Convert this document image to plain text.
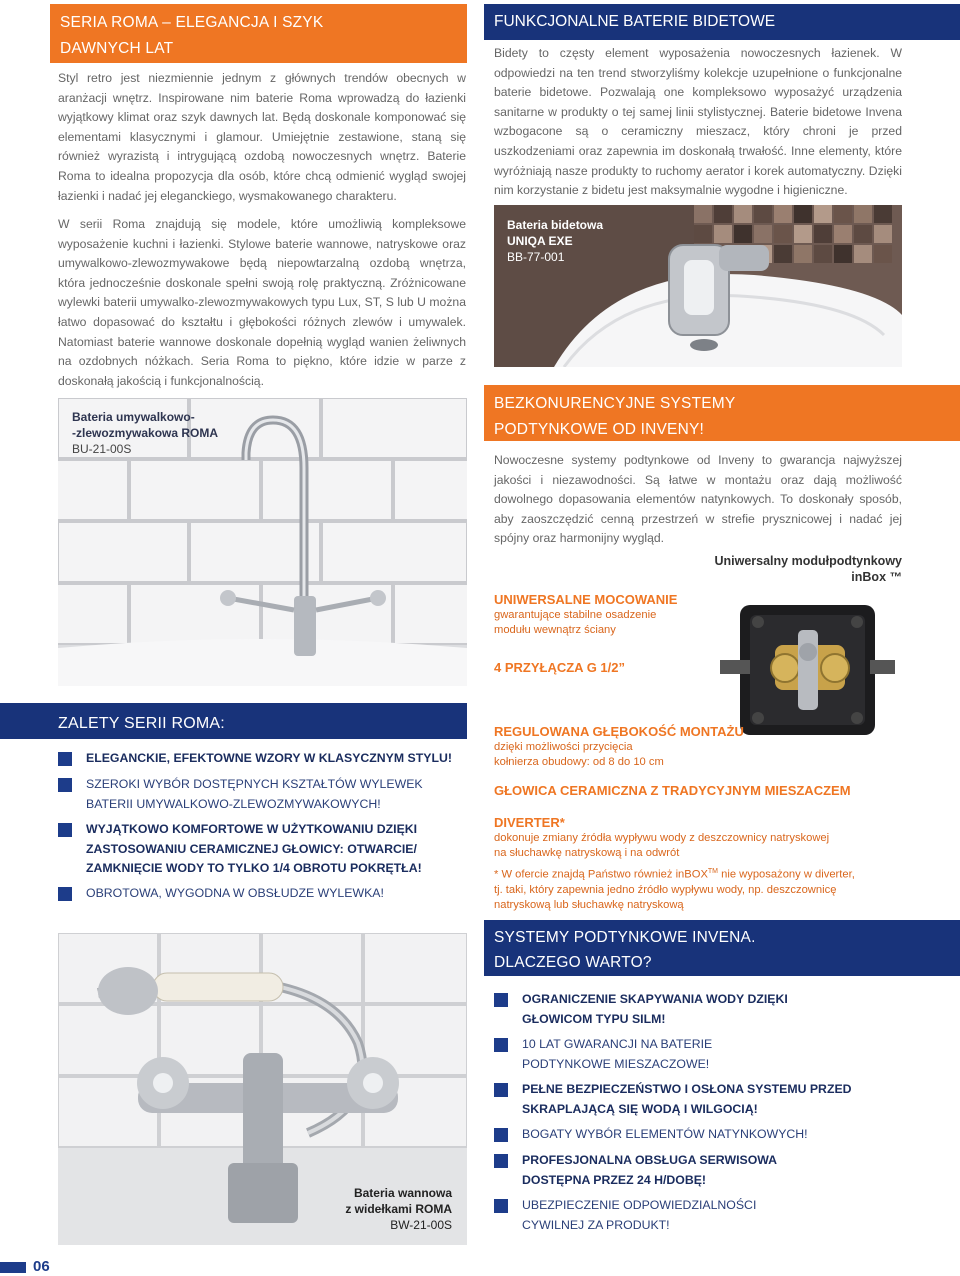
SERIA ROMA – ELEGANCJA I SZYK
DAWNYCH LAT

Styl retro jest niezmiennie jednym z głównych trendów obecnych w aranżacji wnętrz. Inspirowane nim baterie Roma wprowadzą do łazienki wyjątkowy klimat oraz szyk dawnych lat. Będą doskonale komponować się elementami klasycznymi i glamour. Umiejętnie zestawione, staną się również wyrazistą i intrygującą ozdobą nowoczesnych wnętrz. Baterie Roma to idealna propozycja dla osób, które chcą odmienić wygląd swojej łazienki i nadać jej eleganckiego, wysmakowanego charakteru.

W serii Roma znajdują się modele, które umożliwią kompleksowe wyposażenie kuchni i łazienki. Stylowe baterie wannowe, natryskowe oraz umywalkowo-zlewozmywakowe będą niepowtarzalną ozdobą wnętrza, która jednocześnie doskonale spełni swoją rolę praktyczną. Zróżnicowane wylewki baterii umywalko-zlewozmywakowych typu Lux, ST, S lub U można łatwo dopasować do kształtu i głębokości różnych zlewów i umywalek. Natomiast baterie wannowe doskonale dopełnią wygląd wanien żeliwnych na ozdobnych nóżkach. Seria Roma to piękno, które idzie w parze z doskonałą jakością i funkcjonalnością.

Bateria umywalkowo-
-zlewozmywakowa ROMA
BU-21-00S
ZALETY SERII ROMA:
ELEGANCKIE, EFEKTOWNE WZORY W KLASYCZNYM STYLU!
SZEROKI WYBÓR DOSTĘPNYCH KSZTAŁTÓW WYLEWEK BATERII UMYWALKOWO-ZLEWOZMYWAKOWYCH!
WYJĄTKOWO KOMFORTOWE W UŻYTKOWANIU DZIĘKI ZASTOSOWANIU CERAMICZNEJ GŁOWICY: OTWARCIE/ ZAMKNIĘCIE WODY TO TYLKO 1/4 OBROTU POKRĘTŁA!
OBROTOWA, WYGODNA W OBSŁUDZE WYLEWKA!
Bateria wannowa
z widełkami ROMA
BW-21-00S
06
FUNKCJONALNE BATERIE BIDETOWE

Bidety to częsty element wyposażenia nowoczesnych łazienek. W odpowiedzi na ten trend stworzyliśmy kolekcje uzupełnione o funkcjonalne baterie bidetowe. Pozwalają one kompleksowo wyposażyć urządzenia sanitarne w produkty o tej samej linii stylistycznej. Baterie bidetowe Invena wzbogacone są o ceramiczny mieszacz, który chroni je przed uszkodzeniami oraz zapewnia im doskonałą trwałość. Inne elementy, które wyróżniają nasze produkty to ruchomy aerator i korek automatyczny. Dzięki nim korzystanie z bidetu jest maksymalnie wygodne i higieniczne.

Bateria bidetowa
UNIQA EXE
BB-77-001
BEZKONURENCYJNE SYSTEMY
PODTYNKOWE OD INVENY!

Nowoczesne systemy podtynkowe od Inveny to gwarancja najwyższej jakości i niezawodności. Są łatwe w montażu oraz dają możliwość dowolnego dopasowania elementów natynkowych. To doskonały sposób, aby zaoszczędzić cenną przestrzeń w strefie prysznicowej i nadać jej spójny oraz harmonijny wygląd.

Uniwersalny modułpodtynkowy
inBox ™
UNIWERSALNE MOCOWANIE
gwarantujące stabilne osadzenie
modułu wewnątrz ściany
4 PRZYŁĄCZA G 1/2”
REGULOWANA GŁĘBOKOŚĆ MONTAŻU
dzięki możliwości przycięcia
kołnierza obudowy: od 8 do 10 cm
GŁOWICA CERAMICZNA Z TRADYCYJNYM MIESZACZEM
DIVERTER*
dokonuje zmiany źródła wypływu wody z deszczownicy natryskowej
na słuchawkę natryskową i na odwrót
* W ofercie znajdą Państwo również inBOX™ nie wyposażony w diverter,
tj. taki, który zapewnia jedno źródło wypływu wody, np. deszczownicę
natryskową lub słuchawkę natryskową
SYSTEMY PODTYNKOWE INVENA.
DLACZEGO WARTO?
OGRANICZENIE SKAPYWANIA WODY DZIĘKI
GŁOWICOM TYPU SILM!
10 LAT GWARANCJI NA BATERIE
PODTYNKOWE MIESZACZOWE!
PEŁNE BEZPIECZEŃSTWO I OSŁONA SYSTEMU PRZED
SKRAPLAJĄCĄ SIĘ WODĄ I WILGOCIĄ!
BOGATY WYBÓR ELEMENTÓW NATYNKOWYCH!
PROFESJONALNA OBSŁUGA SERWISOWA
DOSTĘPNA PRZEZ 24 H/DOBĘ!
UBEZPIECZENIE ODPOWIEDZIALNOŚCI
CYWILNEJ ZA PRODUKT!
